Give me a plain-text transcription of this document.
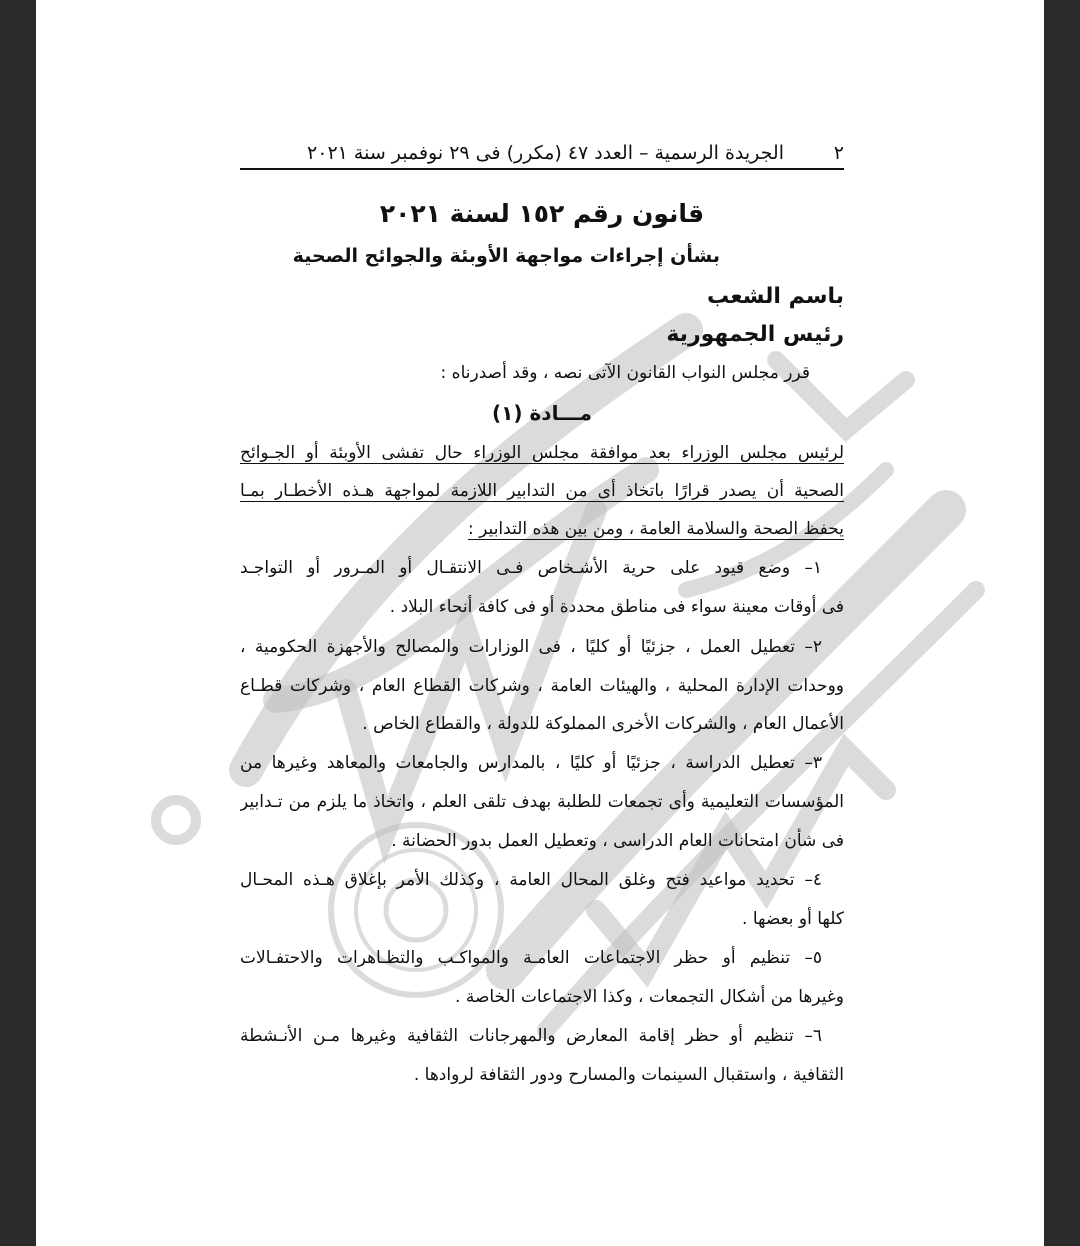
٢
الجريدة الرسمية – العدد ٤٧ (مكرر) فى ٢٩ نوفمبر سنة ٢٠٢١
قانون رقم ١٥٢ لسنة ٢٠٢١
بشأن إجراءات مواجهة الأوبئة والجوائح الصحية
باسم الشعب
رئيس الجمهورية
قرر مجلس النواب القانون الآتى نصه ، وقد أصدرناه :
مـــادة (١)
لرئيس مجلس الوزراء بعد موافقة مجلس الوزراء حال تفشى الأوبئة أو الجـوائح
الصحية أن يصدر قرارًا باتخاذ أى من التدابير اللازمة لمواجهة هـذه الأخطـار بمـا
يحفظ الصحة والسلامة العامة ، ومن بين هذه التدابير :
١– وضع قيود على حرية الأشـخاص فـى الانتقـال أو المـرور أو التواجـد
فى أوقات معينة سواء فى مناطق محددة أو فى كافة أنحاء البلاد .
٢– تعطيل العمل ، جزئيًا أو كليًا ، فى الوزارات والمصالح والأجهزة الحكومية ،
ووحدات الإدارة المحلية ، والهيئات العامة ، وشركات القطاع العام ، وشركات قطـاع
الأعمال العام ، والشركات الأخرى المملوكة للدولة ، والقطاع الخاص .
٣– تعطيل الدراسة ، جزئيًا أو كليًا ، بالمدارس والجامعات والمعاهد وغيرها من
المؤسسات التعليمية وأى تجمعات للطلبة بهدف تلقى العلم ، واتخاذ ما يلزم من تـدابير
فى شأن امتحانات العام الدراسى ، وتعطيل العمل بدور الحضانة .
٤– تحديد مواعيد فتح وغلق المحال العامة ، وكذلك الأمر بإغلاق هـذه المحـال
كلها أو بعضها .
٥– تنظيم أو حظر الاجتماعات العامـة والمواكـب والتظـاهرات والاحتفـالات
وغيرها من أشكال التجمعات ، وكذا الاجتماعات الخاصة .
٦– تنظيم أو حظر إقامة المعارض والمهرجانات الثقافية وغيرها مـن الأنـشطة
الثقافية ، واستقبال السينمات والمسارح ودور الثقافة لروادها .
